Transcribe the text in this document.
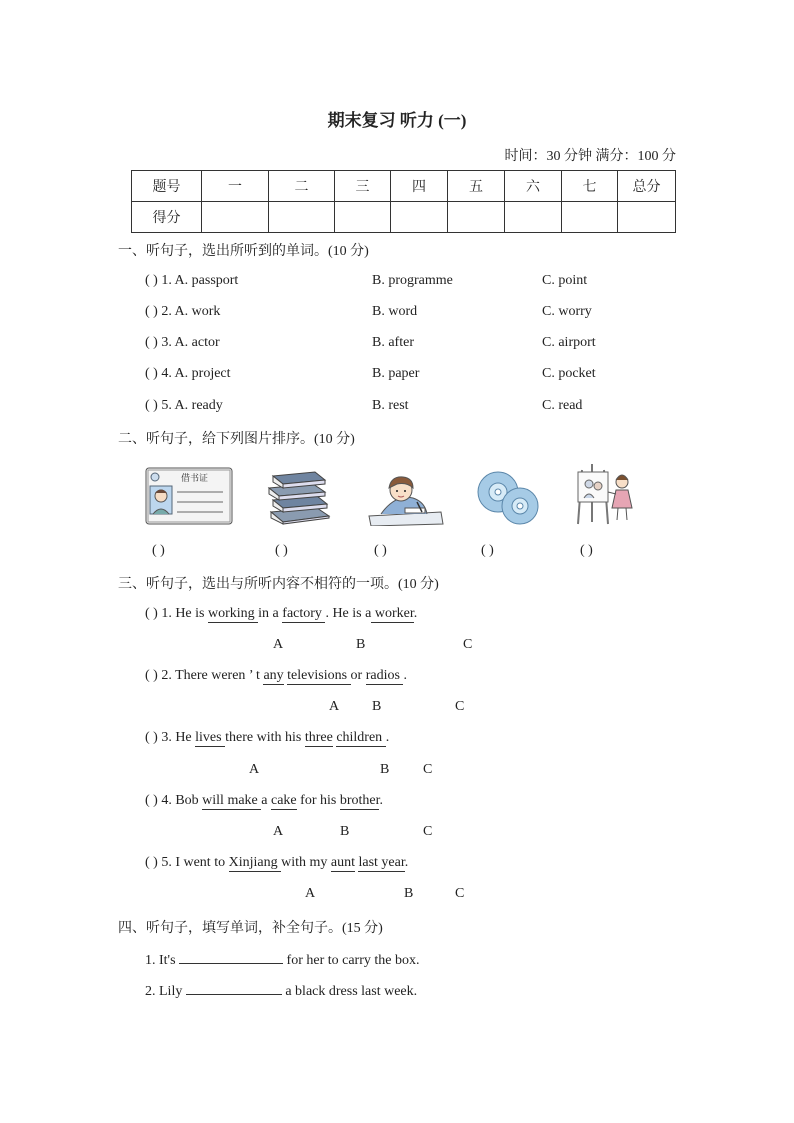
期末复习 听力 (一)
时间：30 分钟 满分：100 分
题号	一	二	三	四	五	六	七	总分
得分								
一、听句子，选出所听到的单词。(10 分)
( ) 1. A. passport	B. programme	C. point
( ) 2. A. work	B. word	C. worry
( ) 3. A. actor	B. after	C. airport
( ) 4. A. project	B. paper	C. pocket
( ) 5. A. ready	B. rest	C. read
二、听句子，给下列图片排序。(10 分)
借书证
( )	( )	( )	( )	( )
三、听句子，选出与所听内容不相符的一项。(10 分)
( ) 1. He is working in a factory . He is a worker.
A	B	C
( ) 2. There weren ’ t any televisions or radios .
A B	C
( ) 3. He lives there with his three children .
A	B C
( ) 4. Bob will make a cake for his brother.
A	B	C
( ) 5. I went to Xinjiang with my aunt last year.
A	B	C
四、听句子，填写单词，补全句子。(15 分)
1. It's	for her to carry the box.
2. Lily	a black dress last week.
